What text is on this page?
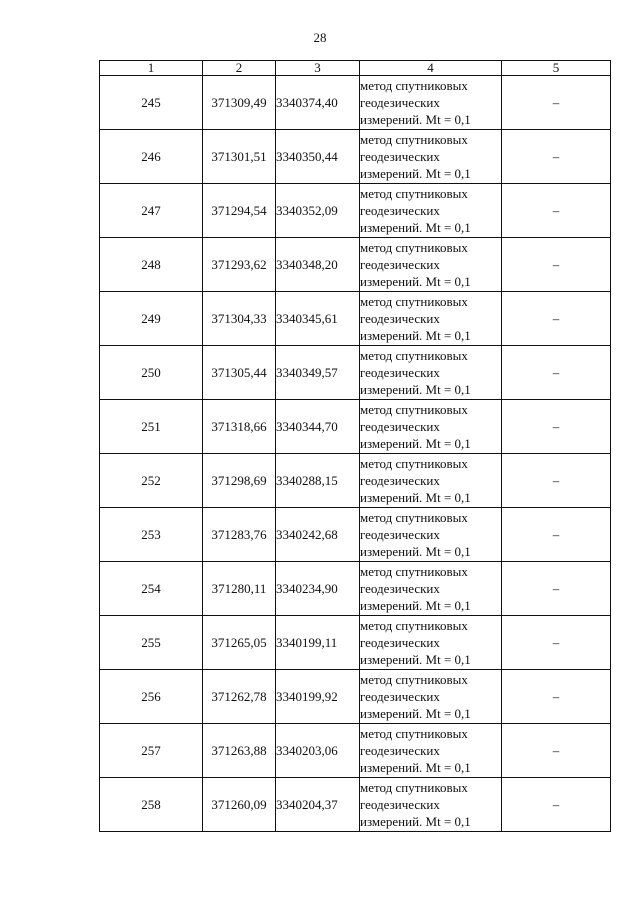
28
1	2	3	4	5
245	371309,49	3340374,40	метод спутниковых
геодезических
измерений. Mt = 0,1	–
246	371301,51	3340350,44	метод спутниковых
геодезических
измерений. Mt = 0,1	–
247	371294,54	3340352,09	метод спутниковых
геодезических
измерений. Mt = 0,1	–
248	371293,62	3340348,20	метод спутниковых
геодезических
измерений. Mt = 0,1	–
249	371304,33	3340345,61	метод спутниковых
геодезических
измерений. Mt = 0,1	–
250	371305,44	3340349,57	метод спутниковых
геодезических
измерений. Mt = 0,1	–
251	371318,66	3340344,70	метод спутниковых
геодезических
измерений. Mt = 0,1	–
252	371298,69	3340288,15	метод спутниковых
геодезических
измерений. Mt = 0,1	–
253	371283,76	3340242,68	метод спутниковых
геодезических
измерений. Mt = 0,1	–
254	371280,11	3340234,90	метод спутниковых
геодезических
измерений. Mt = 0,1	–
255	371265,05	3340199,11	метод спутниковых
геодезических
измерений. Mt = 0,1	–
256	371262,78	3340199,92	метод спутниковых
геодезических
измерений. Mt = 0,1	–
257	371263,88	3340203,06	метод спутниковых
геодезических
измерений. Mt = 0,1	–
258	371260,09	3340204,37	метод спутниковых
геодезических
измерений. Mt = 0,1	–
